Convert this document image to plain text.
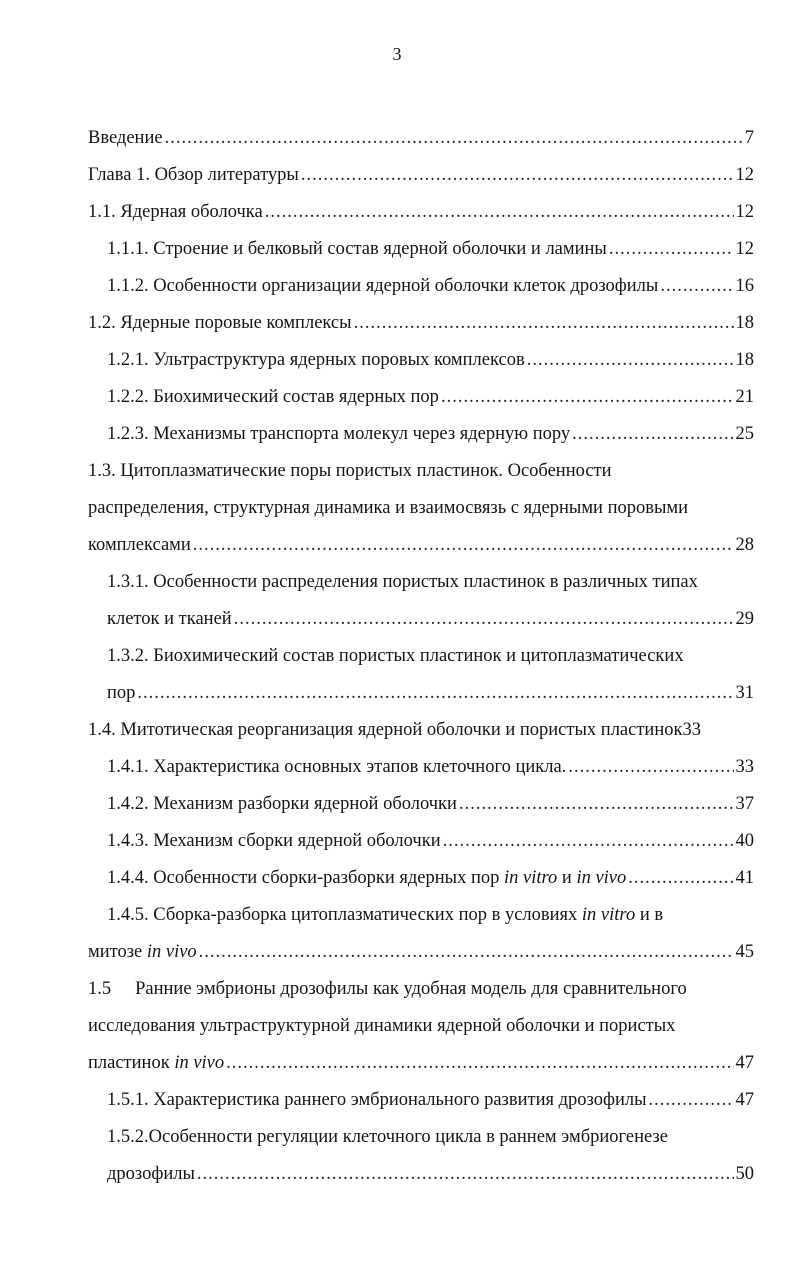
3
Введение .....	7
Глава 1. Обзор литературы .....	12
1.1. Ядерная оболочка .....	12
1.1.1. Строение и белковый состав ядерной оболочки и ламины .....	12
1.1.2. Особенности организации ядерной оболочки клеток дрозофилы .....	16
1.2. Ядерные поровые комплексы .....	18
1.2.1. Ультраструктура ядерных поровых комплексов .....	18
1.2.2. Биохимический состав ядерных пор .....	21
1.2.3. Механизмы транспорта молекул через ядерную пору .....	25
1.3. Цитоплазматические поры пористых пластинок. Особенности
распределения, структурная динамика и взаимосвязь с ядерными поровыми
комплексами .....	28
1.3.1. Особенности распределения пористых пластинок в различных типах
клеток и тканей .....	29
1.3.2. Биохимический состав пористых пластинок и цитоплазматических
пор .....	31
1.4. Митотическая реорганизация ядерной оболочки и пористых пластинок 33
1.4.1. Характеристика основных этапов клеточного цикла. .....	33
1.4.2. Механизм разборки ядерной оболочки .....	37
1.4.3. Механизм сборки ядерной оболочки .....	40
1.4.4. Особенности сборки-разборки ядерных пор in vitro и in vivo .....	41
1.4.5. Сборка-разборка цитоплазматических пор в условиях in vitro и в
митозе in vivo .....	45
1.5 Ранние эмбрионы дрозофилы как удобная модель для сравнительного
исследования ультраструктурной динамики ядерной оболочки и пористых
пластинок in vivo .....	47
1.5.1. Характеристика раннего эмбрионального развития дрозофилы .....	47
1.5.2.Особенности регуляции клеточного цикла в раннем эмбриогенезе
дрозофилы .....	50
